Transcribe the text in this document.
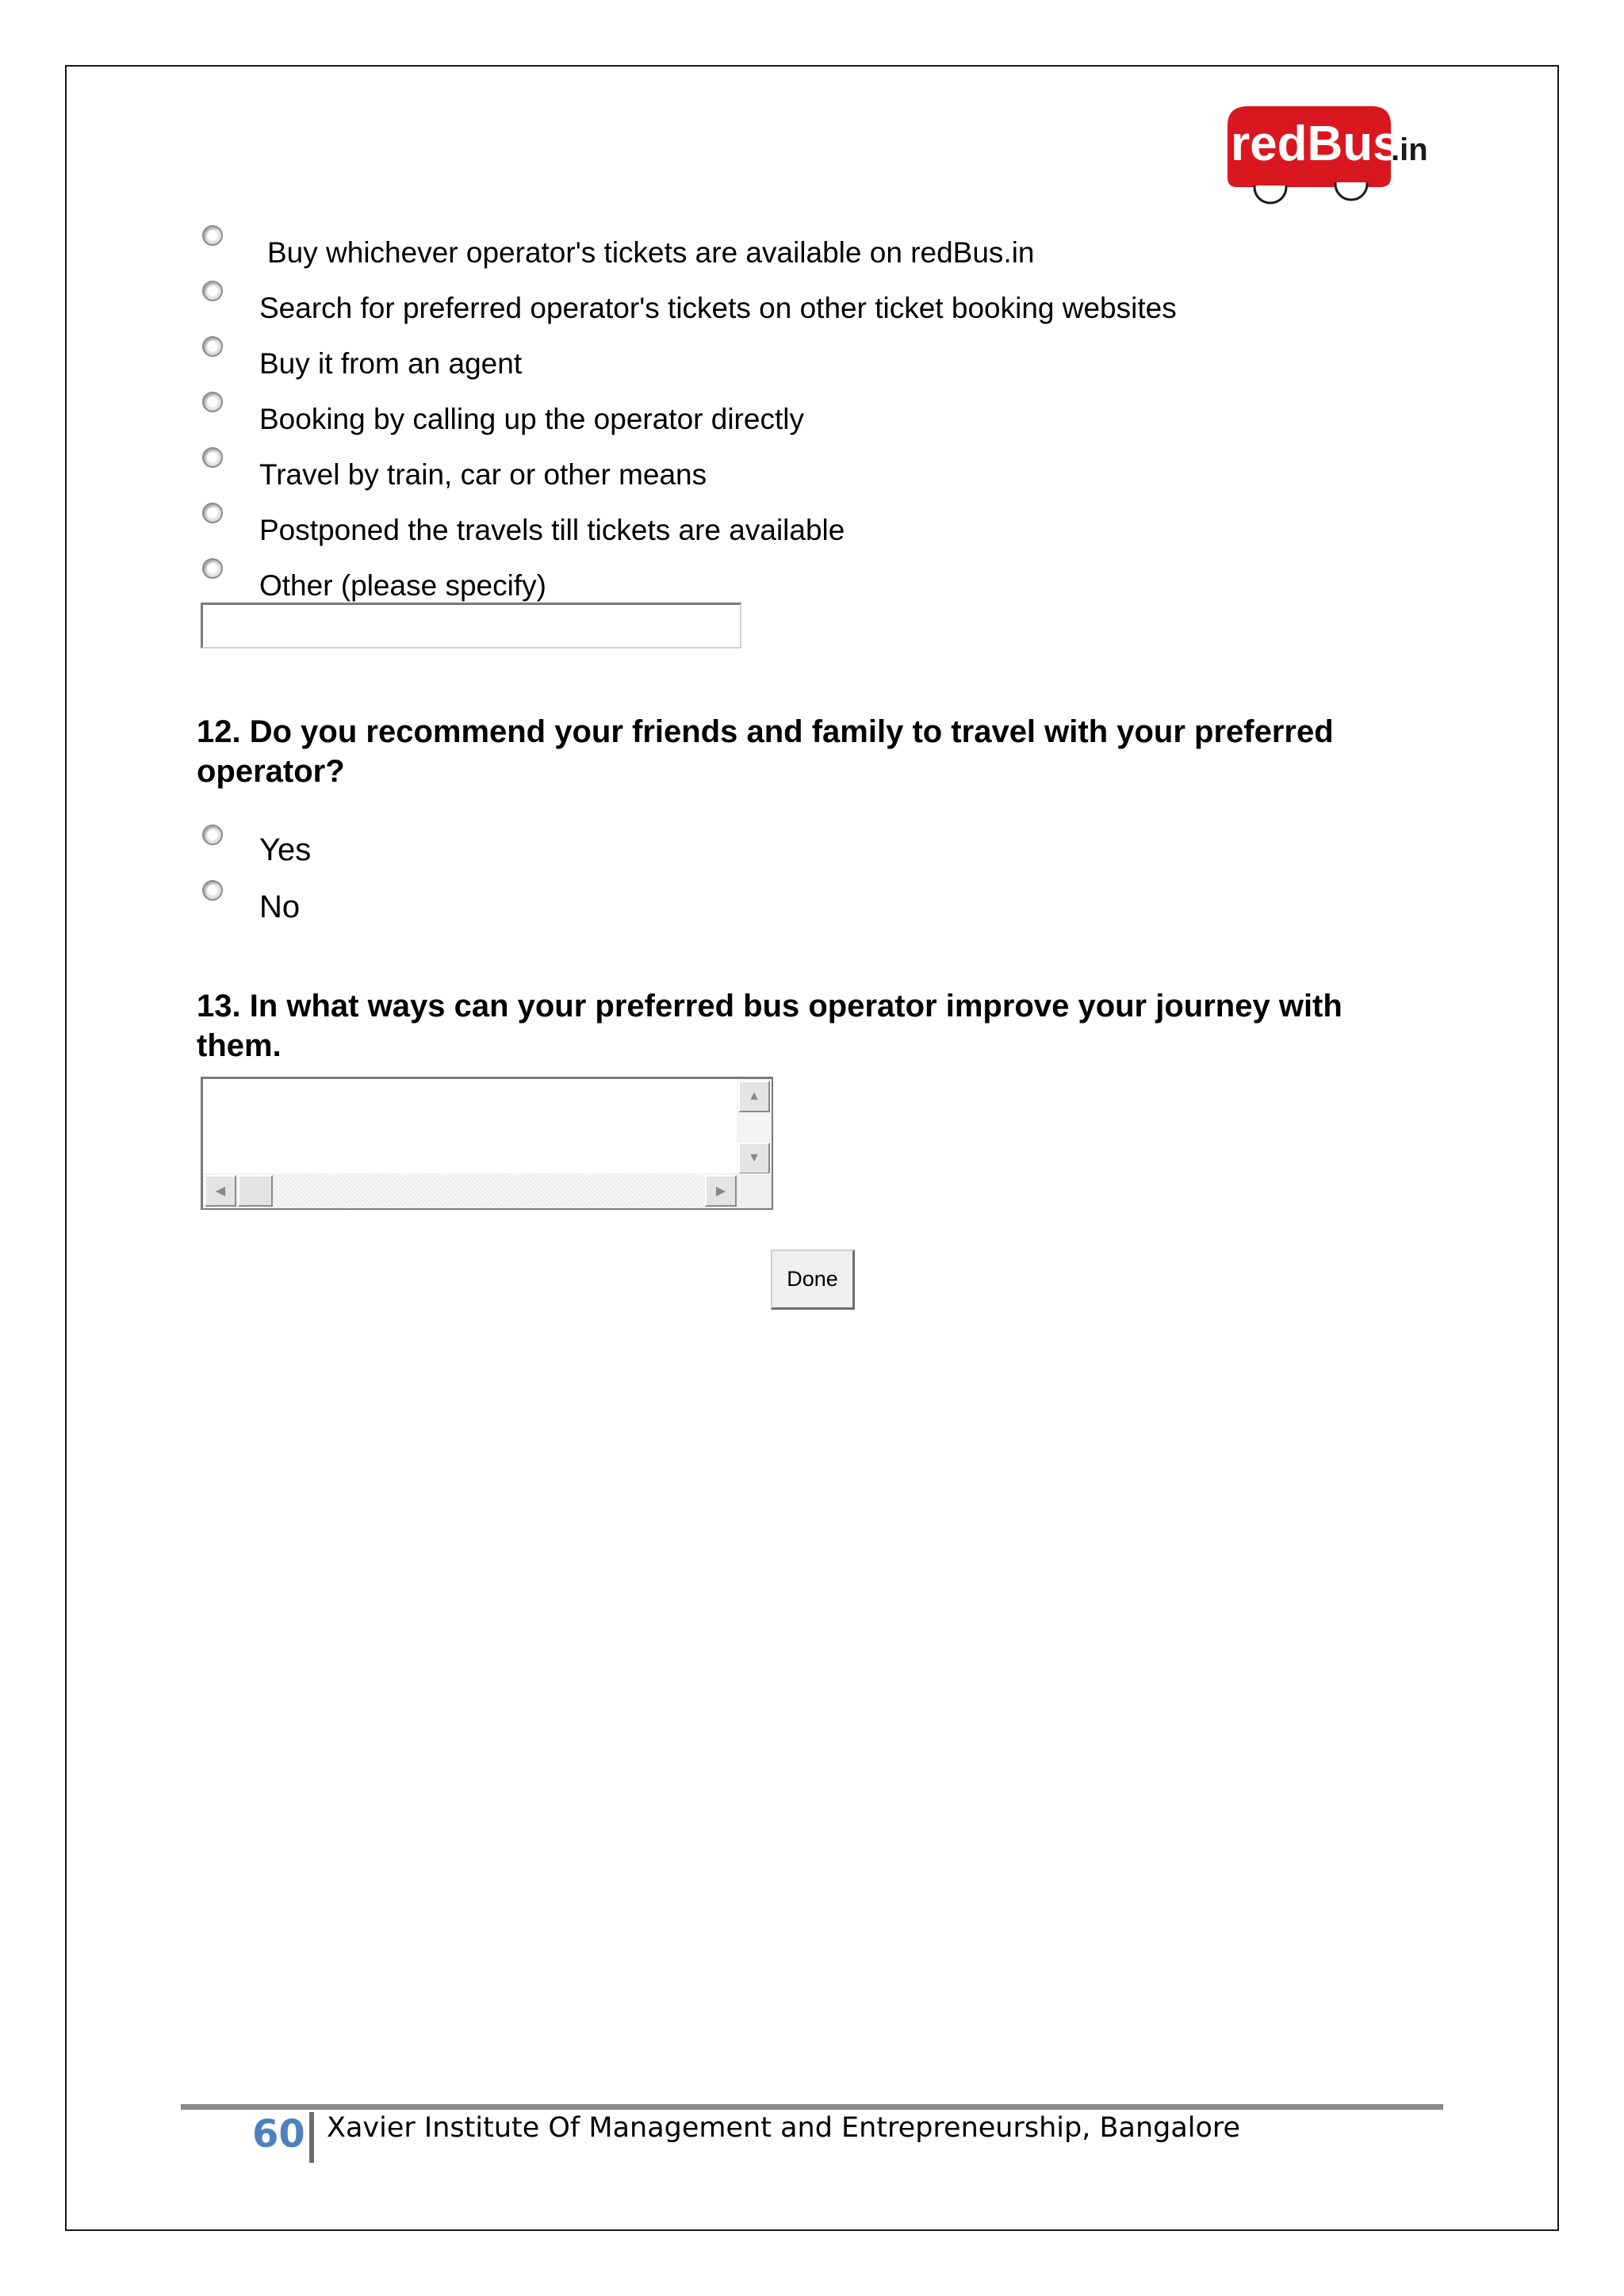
redBus
.in
Buy whichever operator's tickets are available on redBus.in
Search for preferred operator's tickets on other ticket booking websites
Buy it from an agent
Booking by calling up the operator directly
Travel by train, car or other means
Postponed the travels till tickets are available
Other (please specify)
12. Do you recommend your friends and family to travel with your preferred operator?
Yes
No
13. In what ways can your preferred bus operator improve your journey with them.
▲
▼
◀	▶
Done
60 Xavier Institute Of Management and Entrepreneurship, Bangalore
